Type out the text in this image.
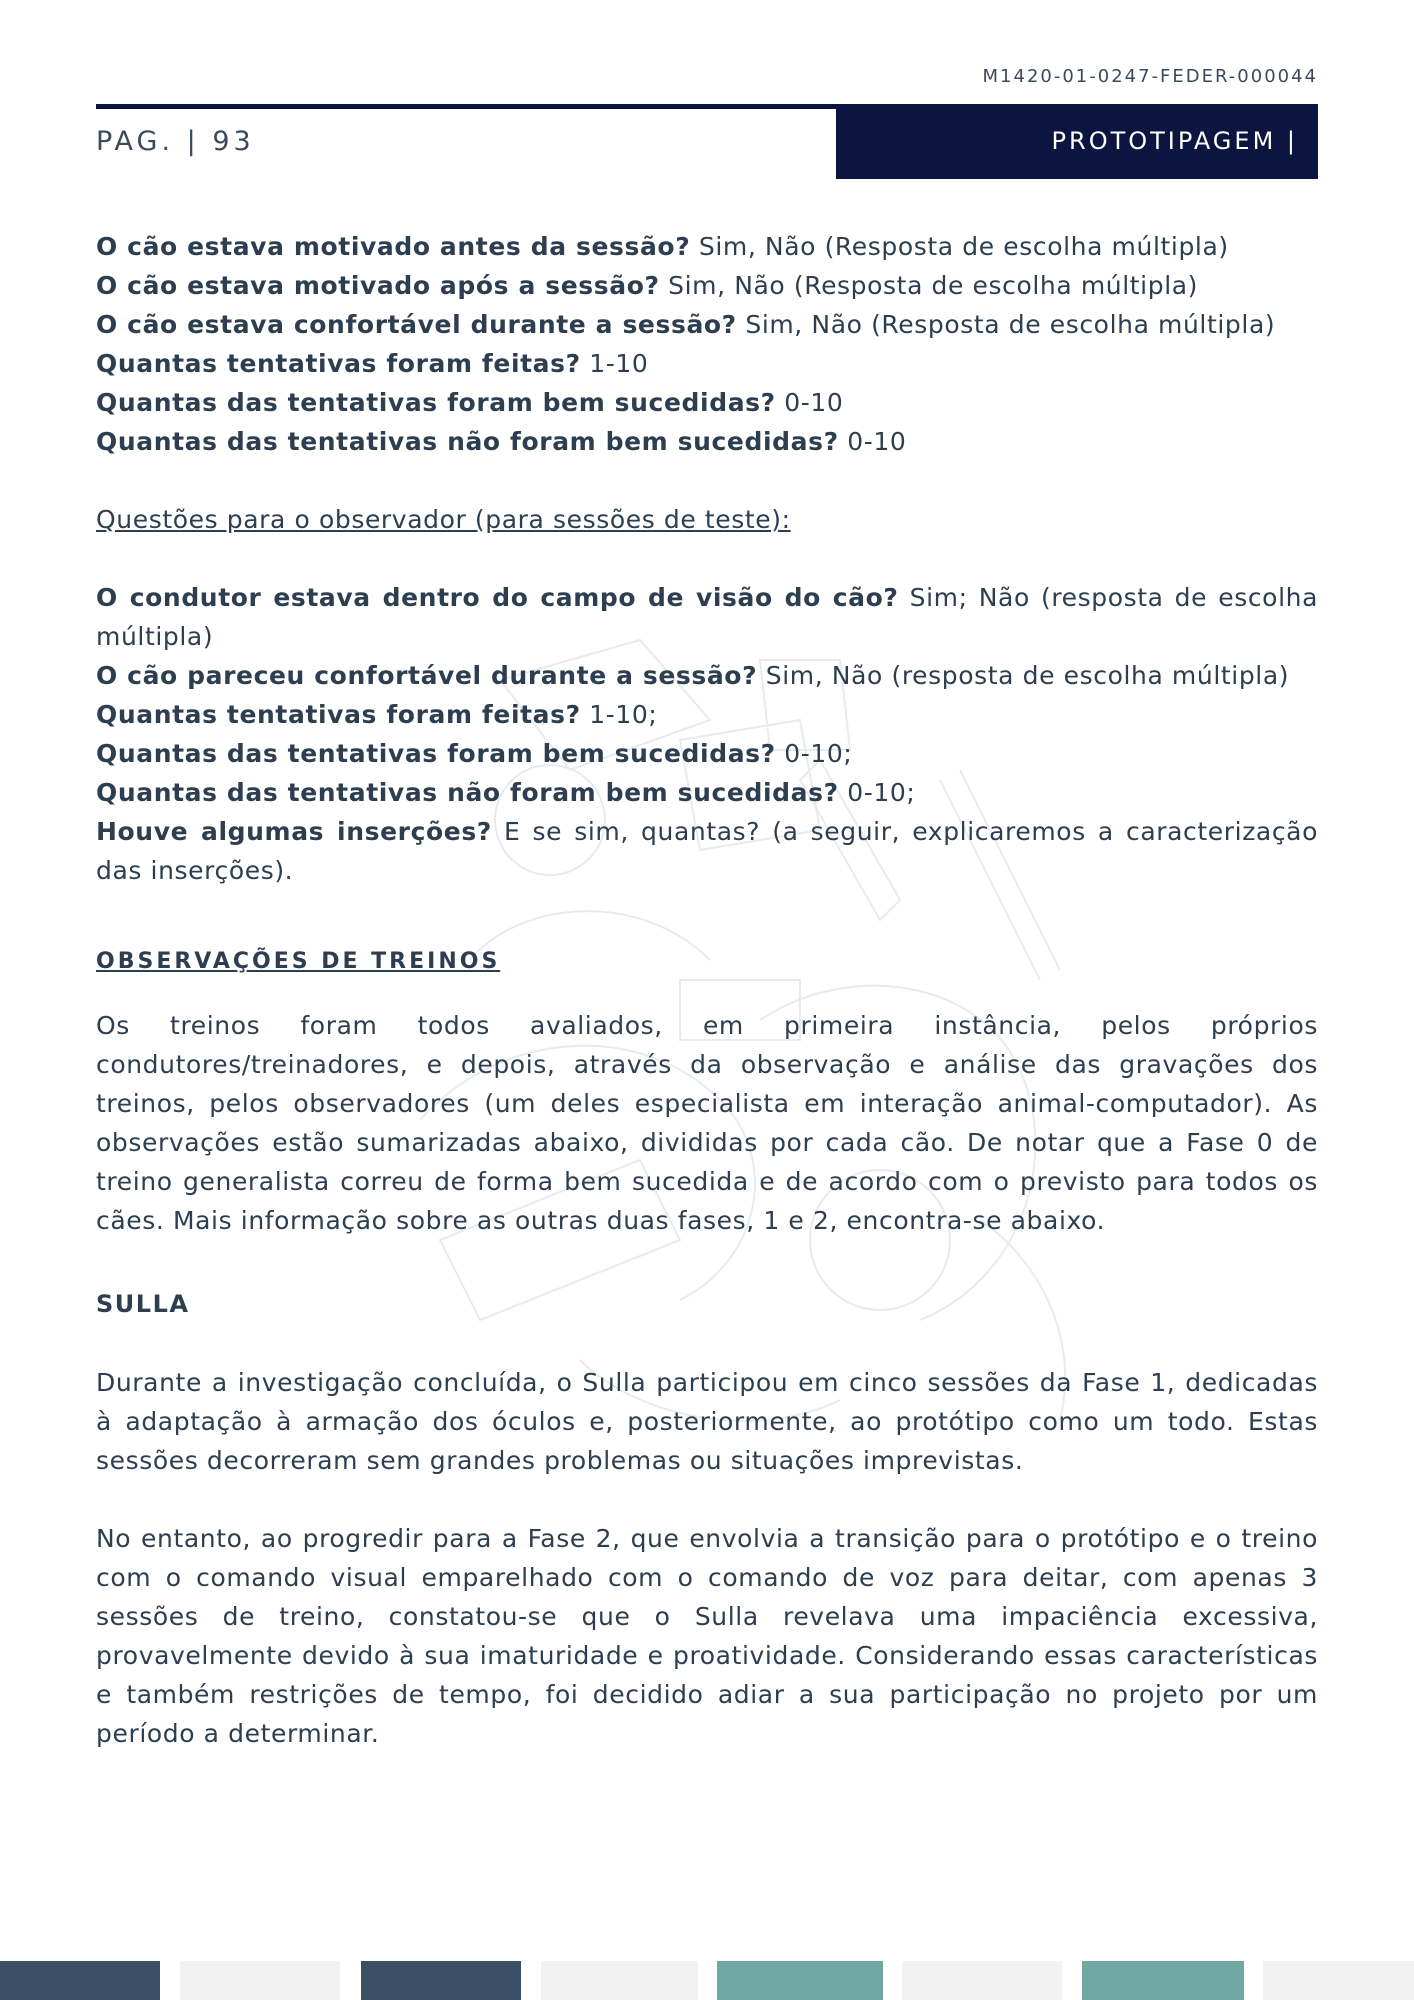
M1420-01-0247-FEDER-000044
PAG. | 93	PROTOTIPAGEM |

O cão estava motivado antes da sessão? Sim, Não (Resposta de escolha múltipla)

O cão estava motivado após a sessão? Sim, Não (Resposta de escolha múltipla)

O cão estava confortável durante a sessão? Sim, Não (Resposta de escolha múltipla)

Quantas tentativas foram feitas? 1-10

Quantas das tentativas foram bem sucedidas? 0-10

Quantas das tentativas não foram bem sucedidas? 0-10

Questões para o observador (para sessões de teste):

O condutor estava dentro do campo de visão do cão? Sim; Não (resposta de escolha múltipla)

O cão pareceu confortável durante a sessão? Sim, Não (resposta de escolha múltipla)

Quantas tentativas foram feitas? 1-10;

Quantas das tentativas foram bem sucedidas? 0-10;

Quantas das tentativas não foram bem sucedidas? 0-10;

Houve algumas inserções? E se sim, quantas? (a seguir, explicaremos a caracterização das inserções).

OBSERVAÇÕES DE TREINOS

Os treinos foram todos avaliados, em primeira instância, pelos próprios condutores/treinadores, e depois, através da observação e análise das gravações dos treinos, pelos observadores (um deles especialista em interação animal-computador). As observações estão sumarizadas abaixo, divididas por cada cão. De notar que a Fase 0 de treino generalista correu de forma bem sucedida e de acordo com o previsto para todos os cães. Mais informação sobre as outras duas fases, 1 e 2, encontra-se abaixo.

SULLA

Durante a investigação concluída, o Sulla participou em cinco sessões da Fase 1, dedicadas à adaptação à armação dos óculos e, posteriormente, ao protótipo como um todo. Estas sessões decorreram sem grandes problemas ou situações imprevistas.

No entanto, ao progredir para a Fase 2, que envolvia a transição para o protótipo e o treino com o comando visual emparelhado com o comando de voz para deitar, com apenas 3 sessões de treino, constatou-se que o Sulla revelava uma impaciência excessiva, provavelmente devido à sua imaturidade e proatividade. Considerando essas características e também restrições de tempo, foi decidido adiar a sua participação no projeto por um período a determinar.
